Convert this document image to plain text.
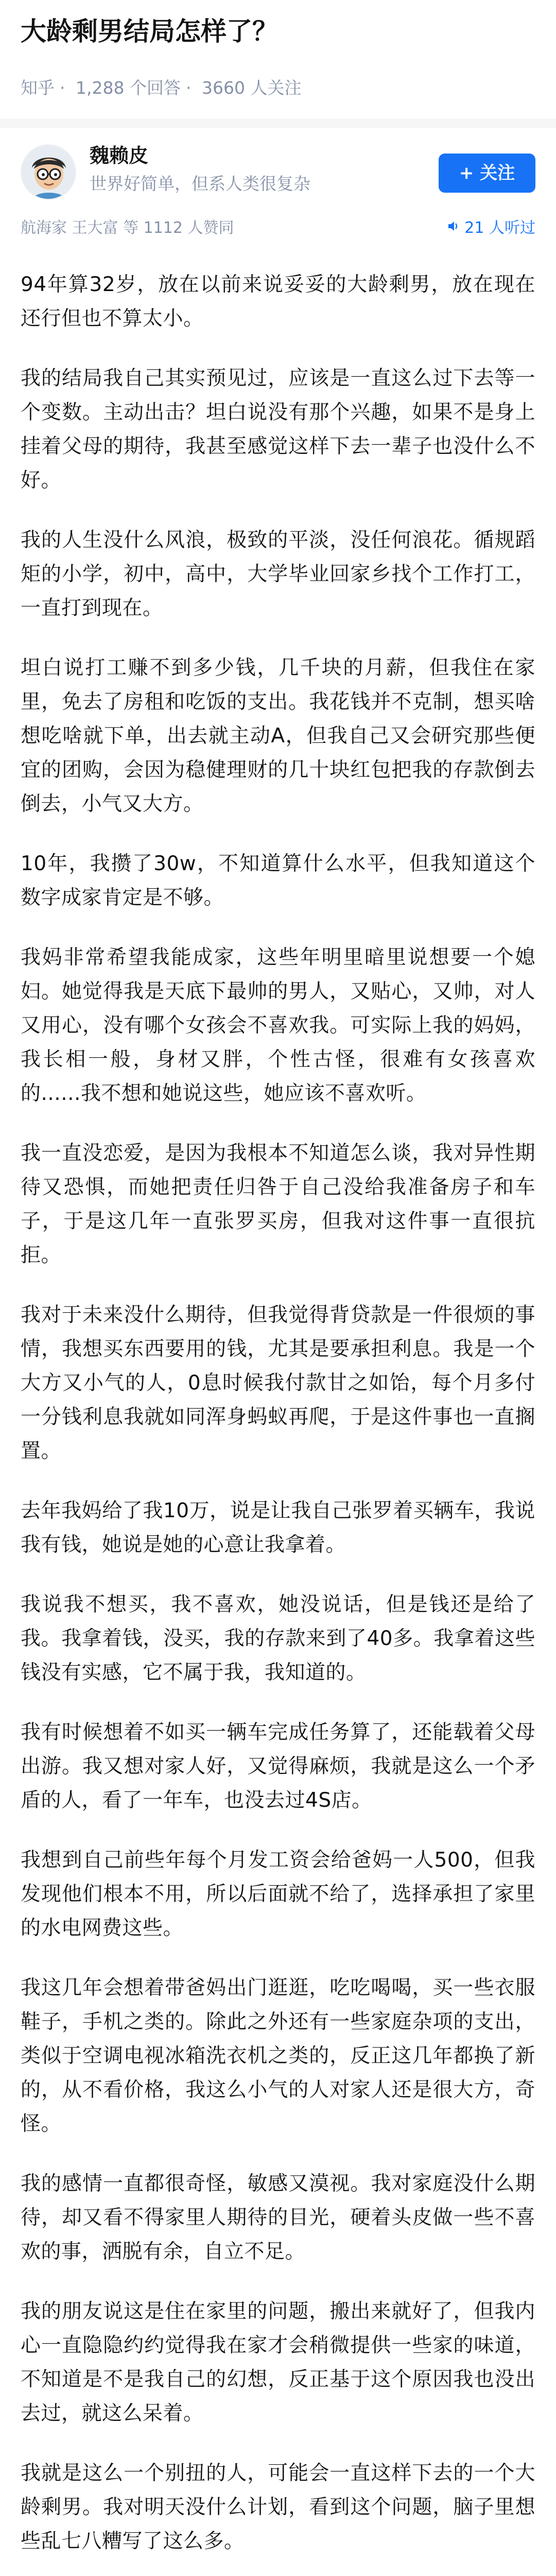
大龄剩男结局怎样了？
知乎 · 1,288 个回答 · 3660 人关注
魏赖皮
世界好简单，但系人类很复杂
+ 关注
航海家 王大富 等 1112 人赞同	21 人听过

94年算32岁，放在以前来说妥妥的大龄剩男，放在现在还行但也不算太小。

我的结局我自己其实预见过，应该是一直这么过下去等一个变数。主动出击？坦白说没有那个兴趣，如果不是身上挂着父母的期待，我甚至感觉这样下去一辈子也没什么不好。

我的人生没什么风浪，极致的平淡，没任何浪花。循规蹈矩的小学，初中，高中，大学毕业回家乡找个工作打工，一直打到现在。

坦白说打工赚不到多少钱，几千块的月薪，但我住在家里，免去了房租和吃饭的支出。我花钱并不克制，想买啥想吃啥就下单，出去就主动A，但我自己又会研究那些便宜的团购，会因为稳健理财的几十块红包把我的存款倒去倒去，小气又大方。

10年，我攒了30w，不知道算什么水平，但我知道这个数字成家肯定是不够。

我妈非常希望我能成家，这些年明里暗里说想要一个媳妇。她觉得我是天底下最帅的男人，又贴心，又帅，对人又用心，没有哪个女孩会不喜欢我。可实际上我的妈妈，我长相一般，身材又胖，个性古怪，很难有女孩喜欢的......我不想和她说这些，她应该不喜欢听。

我一直没恋爱，是因为我根本不知道怎么谈，我对异性期待又恐惧，而她把责任归咎于自己没给我准备房子和车子，于是这几年一直张罗买房，但我对这件事一直很抗拒。

我对于未来没什么期待，但我觉得背贷款是一件很烦的事情，我想买东西要用的钱，尤其是要承担利息。我是一个大方又小气的人，0息时候我付款甘之如饴，每个月多付一分钱利息我就如同浑身蚂蚁再爬，于是这件事也一直搁置。

去年我妈给了我10万，说是让我自己张罗着买辆车，我说我有钱，她说是她的心意让我拿着。

我说我不想买，我不喜欢，她没说话，但是钱还是给了我。我拿着钱，没买，我的存款来到了40多。我拿着这些钱没有实感，它不属于我，我知道的。

我有时候想着不如买一辆车完成任务算了，还能载着父母出游。我又想对家人好，又觉得麻烦，我就是这么一个矛盾的人，看了一年车，也没去过4S店。

我想到自己前些年每个月发工资会给爸妈一人500，但我发现他们根本不用，所以后面就不给了，选择承担了家里的水电网费这些。

我这几年会想着带爸妈出门逛逛，吃吃喝喝，买一些衣服鞋子，手机之类的。除此之外还有一些家庭杂项的支出，类似于空调电视冰箱洗衣机之类的，反正这几年都换了新的，从不看价格，我这么小气的人对家人还是很大方，奇怪。

我的感情一直都很奇怪，敏感又漠视。我对家庭没什么期待，却又看不得家里人期待的目光，硬着头皮做一些不喜欢的事，洒脱有余，自立不足。

我的朋友说这是住在家里的问题，搬出来就好了，但我内心一直隐隐约约觉得我在家才会稍微提供一些家的味道，不知道是不是我自己的幻想，反正基于这个原因我也没出去过，就这么呆着。

我就是这么一个别扭的人，可能会一直这样下去的一个大龄剩男。我对明天没什么计划，看到这个问题，脑子里想些乱七八糟写了这么多。
